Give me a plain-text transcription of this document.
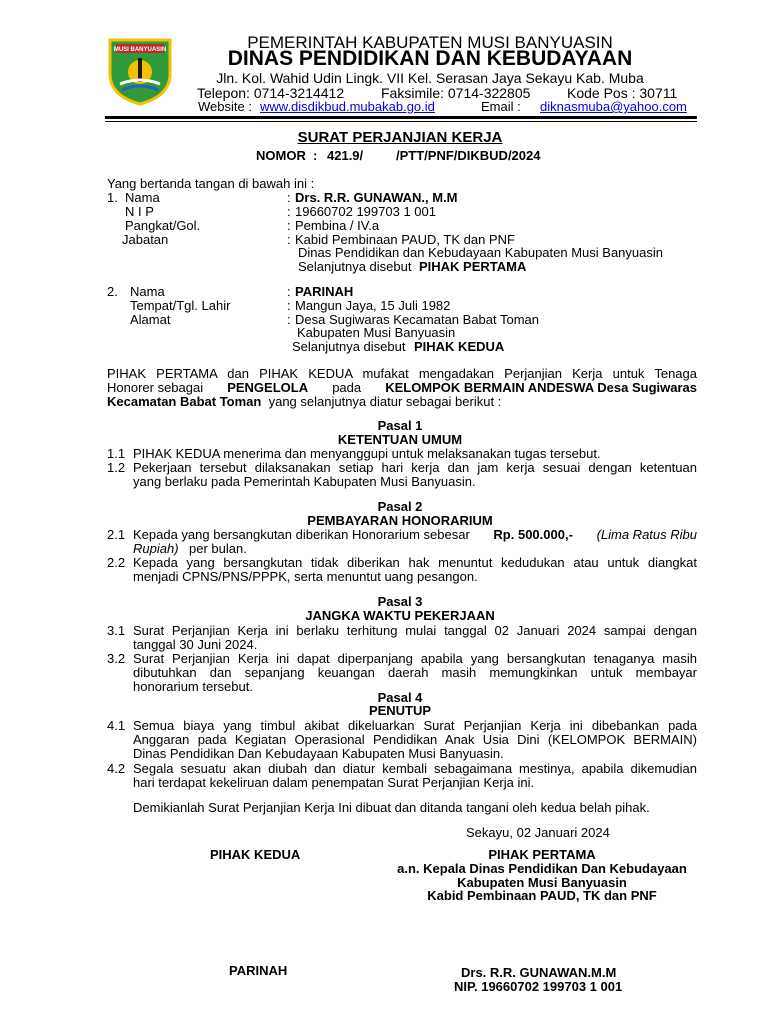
MUSI BANYUASIN	PEMERINTAH KABUPATEN MUSI BANYUASIN
DINAS PENDIDIKAN DAN KEBUDAYAAN
Jln. Kol. Wahid Udin Lingk. VII Kel. Serasan Jaya Sekayu Kab. Muba
Telepon: 0714-3214412	Faksimile: 0714-322805	Kode Pos : 30711
Website : www.disdikbud.mubakab.go.id	Email : diknasmuba@yahoo.com
SURAT PERJANJIAN KERJA
NOMOR : 421.9/	/PTT/PNF/DIKBUD/2024
Yang bertanda tangan di bawah ini :
1. Nama	: Drs. R.R. GUNAWAN., M.M
N I P	: 19660702 199703 1 001
Pangkat/Gol.	: Pembina / IV.a
Jabatan	: Kabid Pembinaan PAUD, TK dan PNF
Dinas Pendidikan dan Kebudayaan Kabupaten Musi Banyuasin
Selanjutnya disebut PIHAK PERTAMA
2. Nama	: PARINAH
Tempat/Tgl. Lahir	: Mangun Jaya, 15 Juli 1982
Alamat	: Desa Sugiwaras Kecamatan Babat Toman
Kabupaten Musi Banyuasin
Selanjutnya disebut PIHAK KEDUA
PIHAK PERTAMA dan PIHAK KEDUA mufakat mengadakan Perjanjian Kerja untuk Tenaga
Honorer sebagai PENGELOLA pada KELOMPOK BERMAIN ANDESWA Desa Sugiwaras
Kecamatan Babat Toman yang selanjutnya diatur sebagai berikut :
Pasal 1
KETENTUAN UMUM
1.1 PIHAK KEDUA menerima dan menyanggupi untuk melaksanakan tugas tersebut.
1.2 Pekerjaan tersebut dilaksanakan setiap hari kerja dan jam kerja sesuai dengan ketentuan
yang berlaku pada Pemerintah Kabupaten Musi Banyuasin.
Pasal 2
PEMBAYARAN HONORARIUM
2.1 Kepada yang bersangkutan diberikan Honorarium sebesar Rp. 500.000,- (Lima Ratus Ribu
Rupiah) per bulan.
2.2 Kepada yang bersangkutan tidak diberikan hak menuntut kedudukan atau untuk diangkat
menjadi CPNS/PNS/PPPK, serta menuntut uang pesangon.
Pasal 3
JANGKA WAKTU PEKERJAAN
3.1 Surat Perjanjian Kerja ini berlaku terhitung mulai tanggal 02 Januari 2024 sampai dengan
tanggal 30 Juni 2024.
3.2 Surat Perjanjian Kerja ini dapat diperpanjang apabila yang bersangkutan tenaganya masih
dibutuhkan dan sepanjang keuangan daerah masih memungkinkan untuk membayar
honorarium tersebut.
Pasal 4
PENUTUP
4.1 Semua biaya yang timbul akibat dikeluarkan Surat Perjanjian Kerja ini dibebankan pada
Anggaran pada Kegiatan Operasional Pendidikan Anak Usia Dini (KELOMPOK BERMAIN)
Dinas Pendidikan Dan Kebudayaan Kabupaten Musi Banyuasin.
4.2 Segala sesuatu akan diubah dan diatur kembali sebagaimana mestinya, apabila dikemudian
hari terdapat kekeliruan dalam penempatan Surat Perjanjian Kerja ini.
Demikianlah Surat Perjanjian Kerja Ini dibuat dan ditanda tangani oleh kedua belah pihak.
Sekayu, 02 Januari 2024
PIHAK KEDUA
PARINAH
PIHAK PERTAMA
a.n. Kepala Dinas Pendidikan Dan Kebudayaan
Kabupaten Musi Banyuasin
Kabid Pembinaan PAUD, TK dan PNF
Drs. R.R. GUNAWAN.M.M
NIP. 19660702 199703 1 001
